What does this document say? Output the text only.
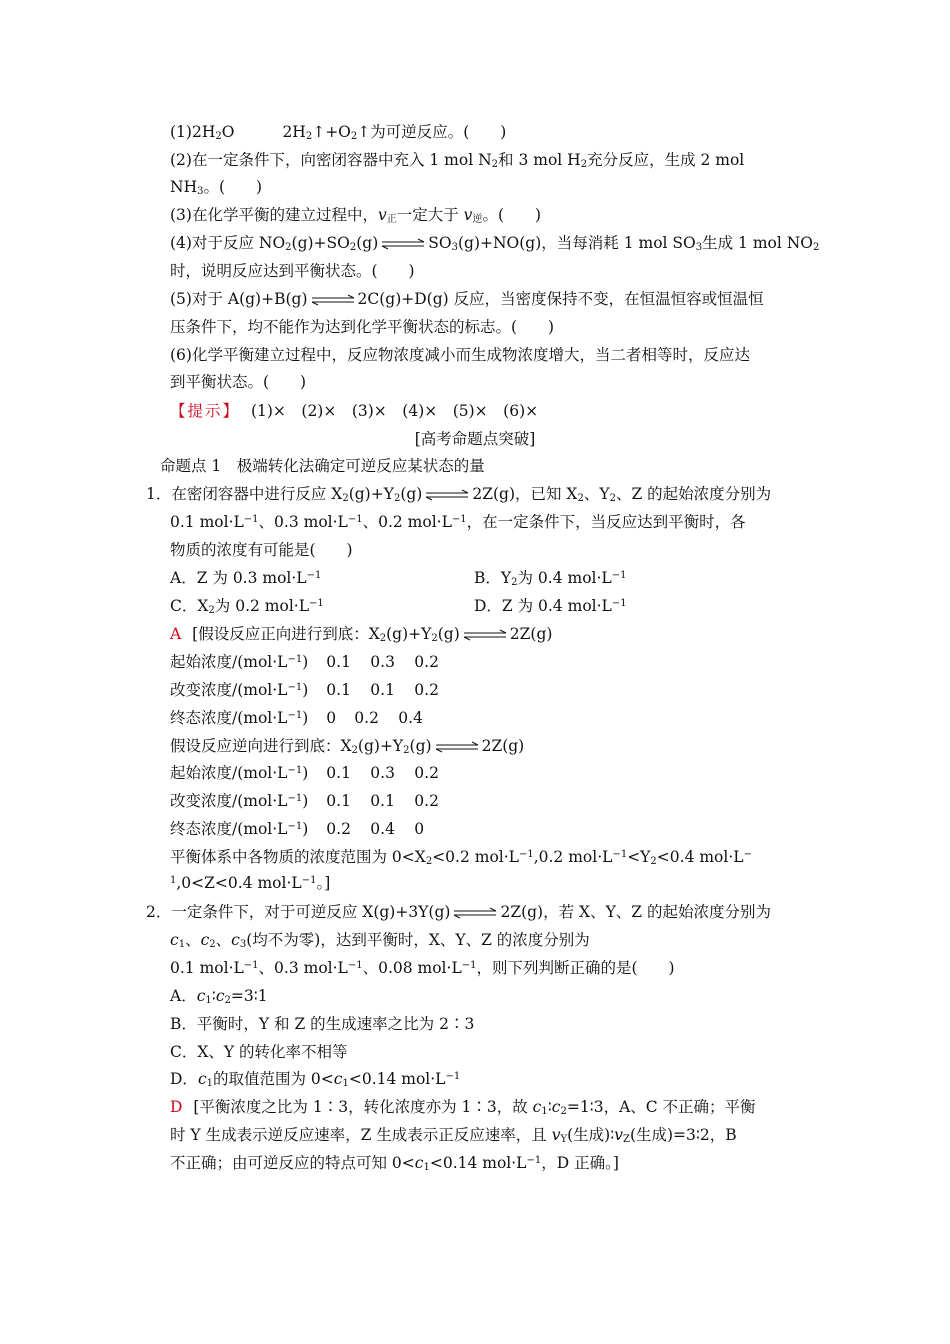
$(1)2H_2O$	$2H_2↑+O_2↑$为可逆反应。(　　)
(2)在一定条件下，向密闭容器中充入 1 mol $N_2$和 3 mol $H_2$充分反应，生成 2 mol
$NH_3$。(　　)
(3)在化学平衡的建立过程中，$v_正$一定大于 $v_逆$。(　　)
(4)对于反应 $NO_2(g)+SO_2(g)$	$SO_3(g)+NO(g)$，当每消耗 1 mol $SO_3$生成 1 mol $NO_2$
时，说明反应达到平衡状态。(　　)
(5)对于 A(g)+B(g)	2C(g)+D(g) 反应，当密度保持不变，在恒温恒容或恒温恒
压条件下，均不能作为达到化学平衡状态的标志。(　　)
(6)化学平衡建立过程中，反应物浓度减小而生成物浓度增大，当二者相等时，反应达
到平衡状态。(　　)
【提示】 (1)×　(2)×　(3)×　(4)×　(5)×　(6)×
[高考命题点突破]
命题点 1　极端转化法确定可逆反应某状态的量
1．在密闭容器中进行反应 $X_2(g)+Y_2(g)$	2Z(g)，已知 $X_2$、$Y_2$、Z 的起始浓度分别为
0.1 $mol\cdot L^{-1}$、0.3 $mol\cdot L^{-1}$、0.2 $mol\cdot L^{-1}$，在一定条件下，当反应达到平衡时，各
物质的浓度有可能是(　　)
A．Z 为 0.3 $mol\cdot L^{-1}$	B．$Y_2$为 0.4 $mol\cdot L^{-1}$
C．$X_2$为 0.2 $mol\cdot L^{-1}$	D．Z 为 0.4 $mol\cdot L^{-1}$
A [假设反应正向进行到底：$X_2(g)+Y_2(g)$	2Z(g)
起始浓度$/(mol\cdot L^{-1})$ 0.1 0.3 0.2
改变浓度$/(mol\cdot L^{-1})$ 0.1 0.1 0.2
终态浓度$/(mol\cdot L^{-1})$ 0 0.2 0.4
假设反应逆向进行到底：$X_2(g)+Y_2(g)$	2Z(g)
起始浓度$/(mol\cdot L^{-1})$ 0.1 0.3 0.2
改变浓度$/(mol\cdot L^{-1})$ 0.1 0.1 0.2
终态浓度$/(mol\cdot L^{-1})$ 0.2 0.4 0
平衡体系中各物质的浓度范围为 $0<X_2<0.2$ $mol\cdot L^{-1},0.2$ $mol\cdot L^{-1}<Y_2<0.4$ mol·L−
$^1$,0<Z<0.4 $mol\cdot L^{-1}$。]
2．一定条件下，对于可逆反应 X(g)+3Y(g)	2Z(g)，若 X、Y、Z 的起始浓度分别为
$c_1$、$c_2$、$c_3$(均不为零)，达到平衡时，X、Y、Z 的浓度分别为
0.1 $mol\cdot L^{-1}$、0.3 $mol\cdot L^{-1}$、0.08 $mol\cdot L^{-1}$，则下列判断正确的是(　　)
A．$c_1∶c_2=3∶1$
B．平衡时，Y 和 Z 的生成速率之比为 2∶3
C．X、Y 的转化率不相等
D．$c_1$的取值范围为 $0<c_1<0.14$ $mol\cdot L^{-1}$
D [平衡浓度之比为 1∶3，转化浓度亦为 1∶3，故 $c_1∶c_2=1∶3$，A、C 不正确；平衡
时 Y 生成表示逆反应速率，Z 生成表示正反应速率，且 $v_Y$(生成)$∶v_Z$(生成)=3∶2，B
不正确；由可逆反应的特点可知 $0<c_1<0.14$ $mol\cdot L^{-1}$，D 正确。]
